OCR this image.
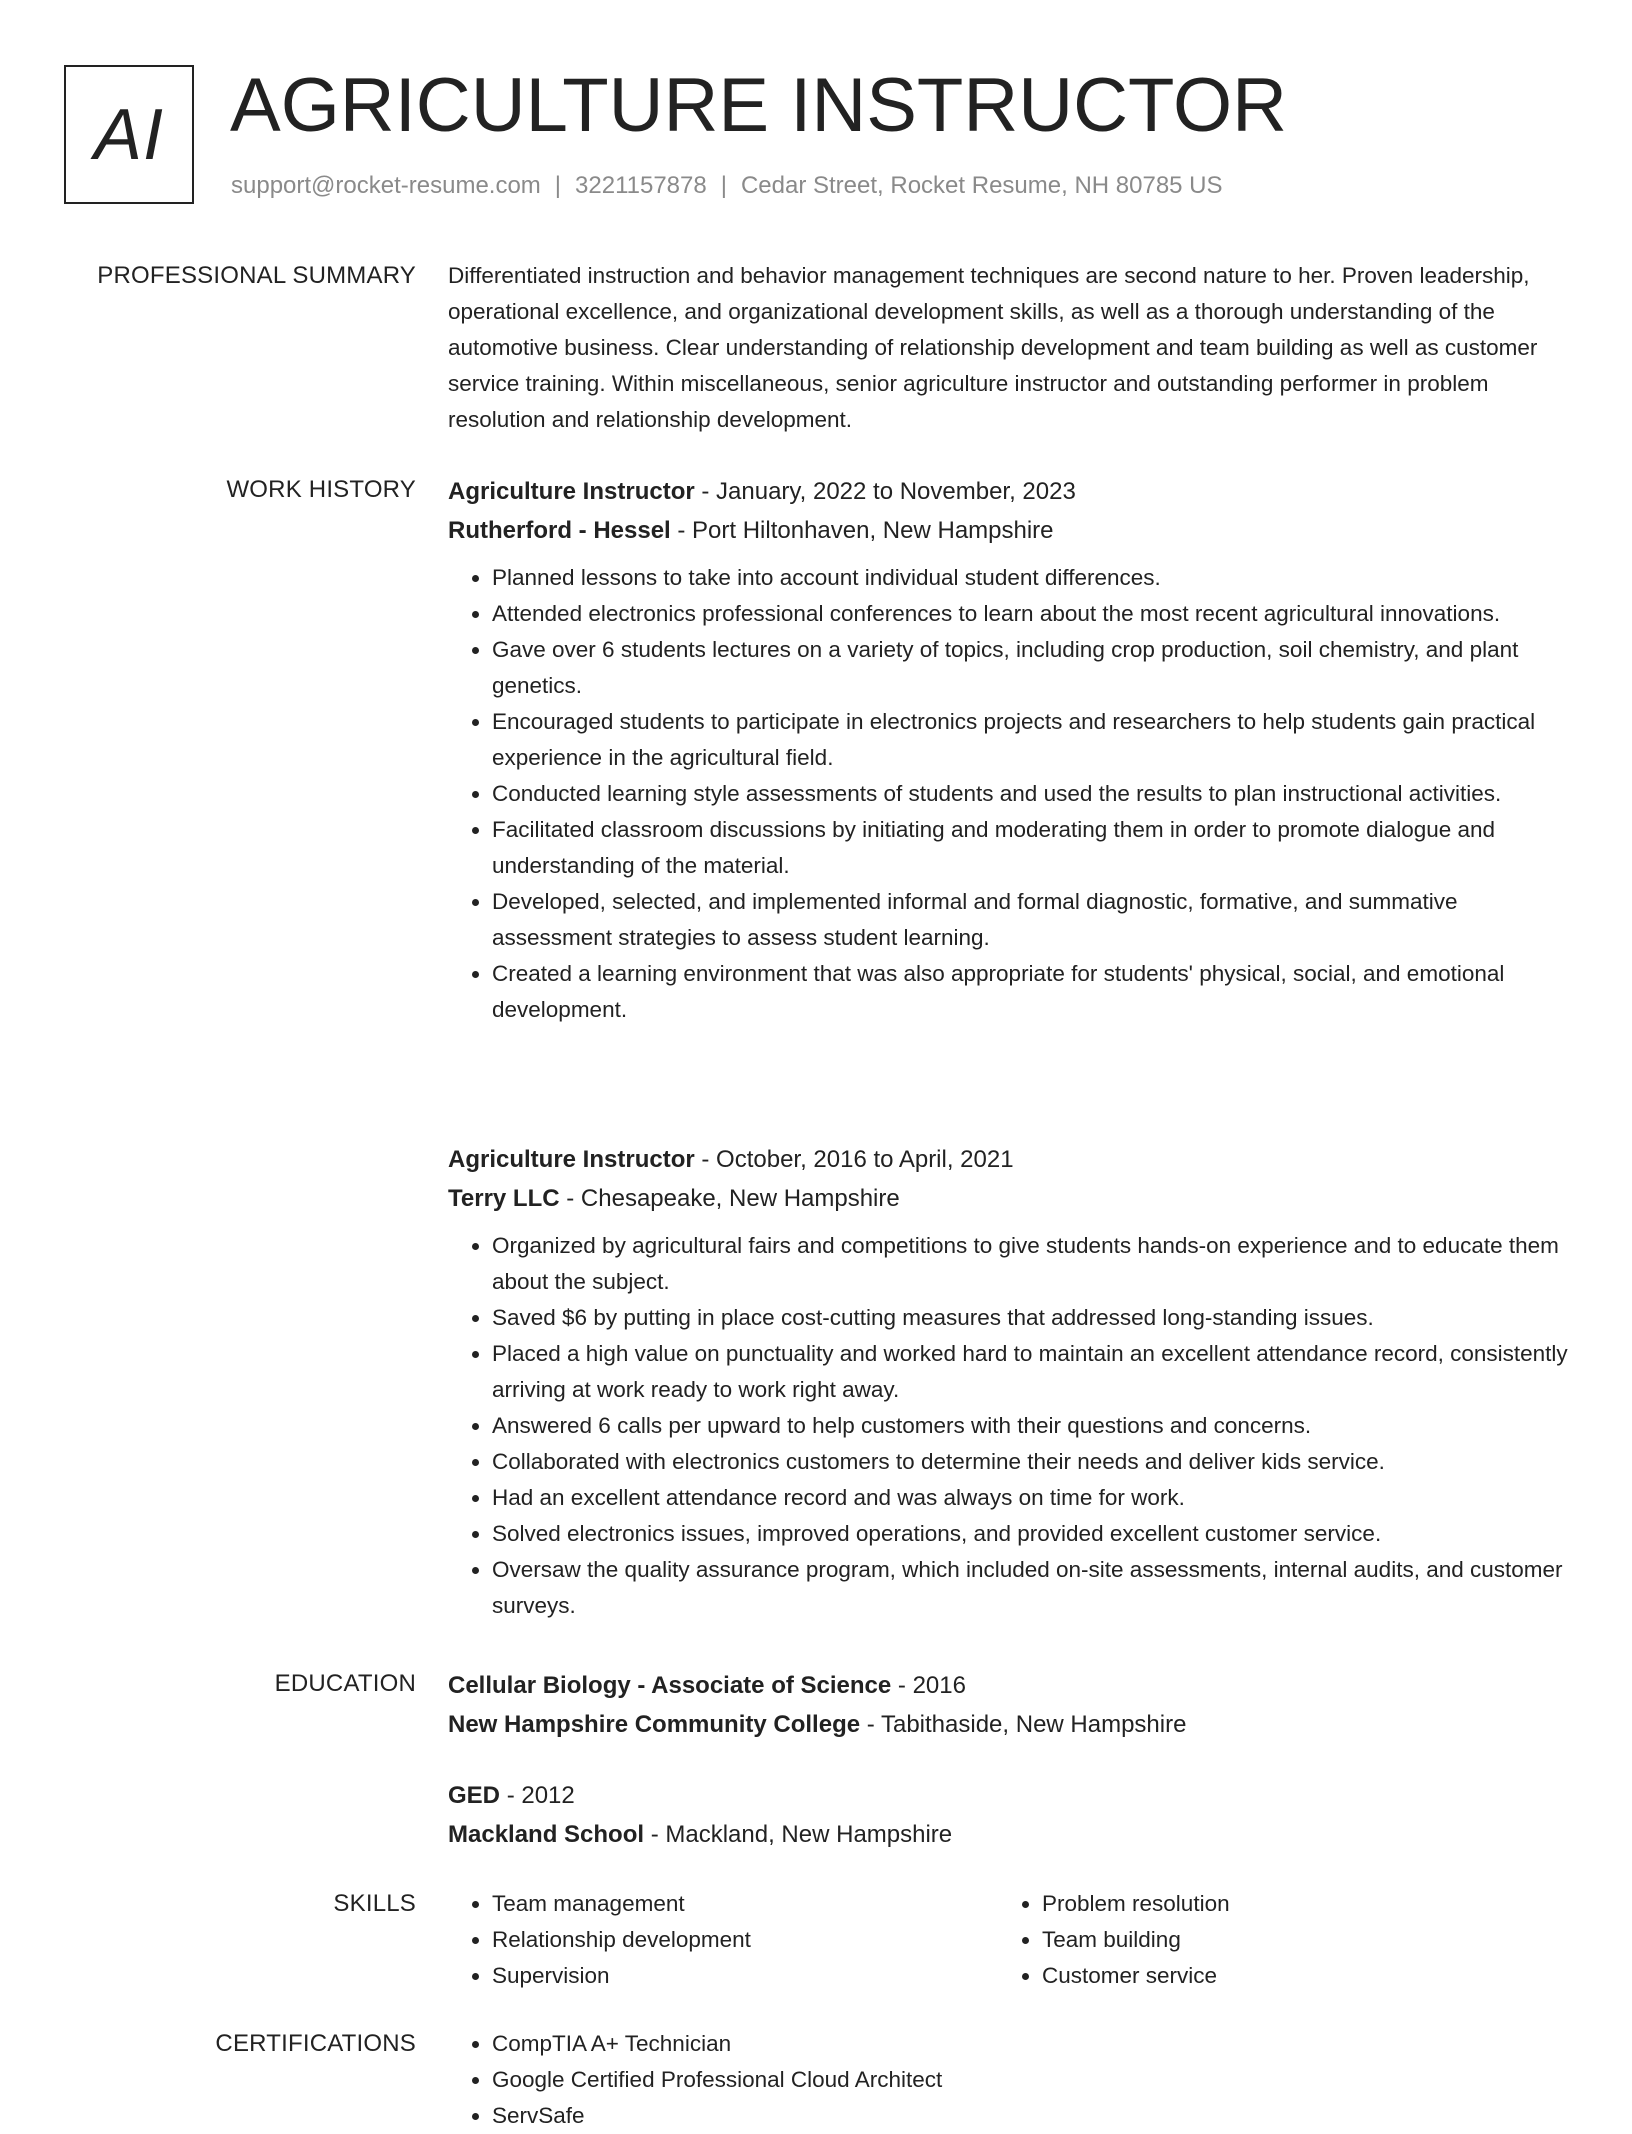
AI AGRICULTURE INSTRUCTOR
support@rocket-resume.com | 3221157878 | Cedar Street, Rocket Resume, NH 80785 US
PROFESSIONAL SUMMARY Differentiated instruction and behavior management techniques are second nature to her. Proven leadership, operational excellence, and organizational development skills, as well as a thorough understanding of the automotive business. Clear understanding of relationship development and team building as well as customer service training. Within miscellaneous, senior agriculture instructor and outstanding performer in problem resolution and relationship development.

WORK HISTORY Agriculture Instructor - January, 2022 to November, 2023
Rutherford - Hessel - Port Hiltonhaven, New Hampshire
• Planned lessons to take into account individual student differences.
• Attended electronics professional conferences to learn about the most recent agricultural innovations.
• Gave over 6 students lectures on a variety of topics, including crop production, soil chemistry, and plant genetics.
• Encouraged students to participate in electronics projects and researchers to help students gain practical experience in the agricultural field.
• Conducted learning style assessments of students and used the results to plan instructional activities.
• Facilitated classroom discussions by initiating and moderating them in order to promote dialogue and understanding of the material.
• Developed, selected, and implemented informal and formal diagnostic, formative, and summative assessment strategies to assess student learning.
• Created a learning environment that was also appropriate for students' physical, social, and emotional development.
Agriculture Instructor - October, 2016 to April, 2021
Terry LLC - Chesapeake, New Hampshire
• Organized by agricultural fairs and competitions to give students hands-on experience and to educate them about the subject.
• Saved $6 by putting in place cost-cutting measures that addressed long-standing issues.
• Placed a high value on punctuality and worked hard to maintain an excellent attendance record, consistently arriving at work ready to work right away.
• Answered 6 calls per upward to help customers with their questions and concerns.
• Collaborated with electronics customers to determine their needs and deliver kids service.
• Had an excellent attendance record and was always on time for work.
• Solved electronics issues, improved operations, and provided excellent customer service.
• Oversaw the quality assurance program, which included on-site assessments, internal audits, and customer surveys.
EDUCATION Cellular Biology - Associate of Science - 2016
New Hampshire Community College - Tabithaside, New Hampshire
GED - 2012
Mackland School - Mackland, New Hampshire
SKILLS	• Team management
• Relationship development
• Supervision
• Problem resolution
• Team building
• Customer service
CERTIFICATIONS	• CompTIA A+ Technician
• Google Certified Professional Cloud Architect
• ServSafe
